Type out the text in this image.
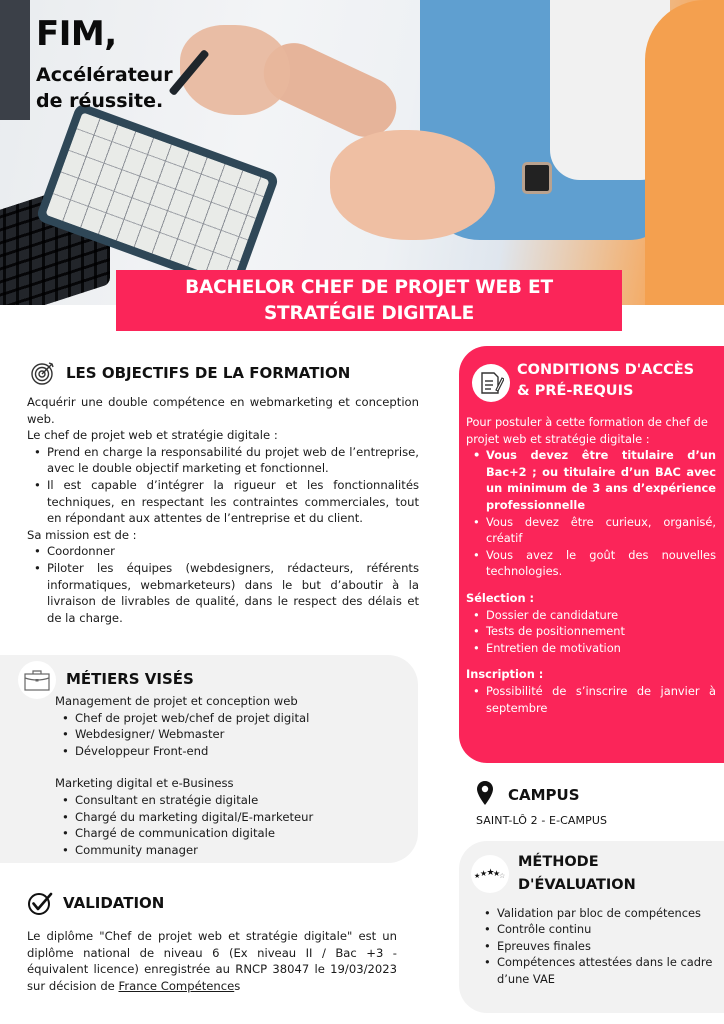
FIM,
Accélérateur
de réussite.
BACHELOR CHEF DE PROJET WEB ET
STRATÉGIE DIGITALE
LES OBJECTIFS DE LA FORMATION
Acquérir une double compétence en webmarketing et conception web.
Le chef de projet web et stratégie digitale :
• Prend en charge la responsabilité du projet web de l’entreprise, avec le double objectif marketing et fonctionnel.
• Il est capable d’intégrer la rigueur et les fonctionnalités techniques, en respectant les contraintes commerciales, tout en répondant aux attentes de l’entreprise et du client.
Sa mission est de :
• Coordonner
• Piloter les équipes (webdesigners, rédacteurs, référents informatiques, webmarketeurs) dans le but d’aboutir à la livraison de livrables de qualité, dans le respect des délais et de la charge.
MÉTIERS VISÉS
Management de projet et conception web
• Chef de projet web/chef de projet digital
• Webdesigner/ Webmaster
• Développeur Front-end
Marketing digital et e-Business
• Consultant en stratégie digitale
• Chargé du marketing digital/E-marketeur
• Chargé de communication digitale
• Community manager
VALIDATION
Le diplôme "Chef de projet web et stratégie digitale" est un diplôme national de niveau 6 (Ex niveau II / Bac +3 - équivalent licence) enregistrée au RNCP 38047 le 19/03/2023 sur décision de France Compétences
CONDITIONS D'ACCÈS
& PRÉ-REQUIS
Pour postuler à cette formation de chef de projet web et stratégie digitale :
• Vous devez être titulaire d’un Bac+2 ; ou titulaire d’un BAC avec un minimum de 3 ans d’expérience professionnelle
• Vous devez être curieux, organisé, créatif
• Vous avez le goût des nouvelles technologies.
Sélection :
• Dossier de candidature
• Tests de positionnement
• Entretien de motivation
Inscription :
• Possibilité de s’inscrire de janvier à septembre
CAMPUS
SAINT-LÔ 2 - E-CAMPUS
★ ★ ★
★
☆
MÉTHODE
D'ÉVALUATION
• Validation par bloc de compétences
• Contrôle continu
• Epreuves finales
• Compétences attestées dans le cadre d’une VAE
